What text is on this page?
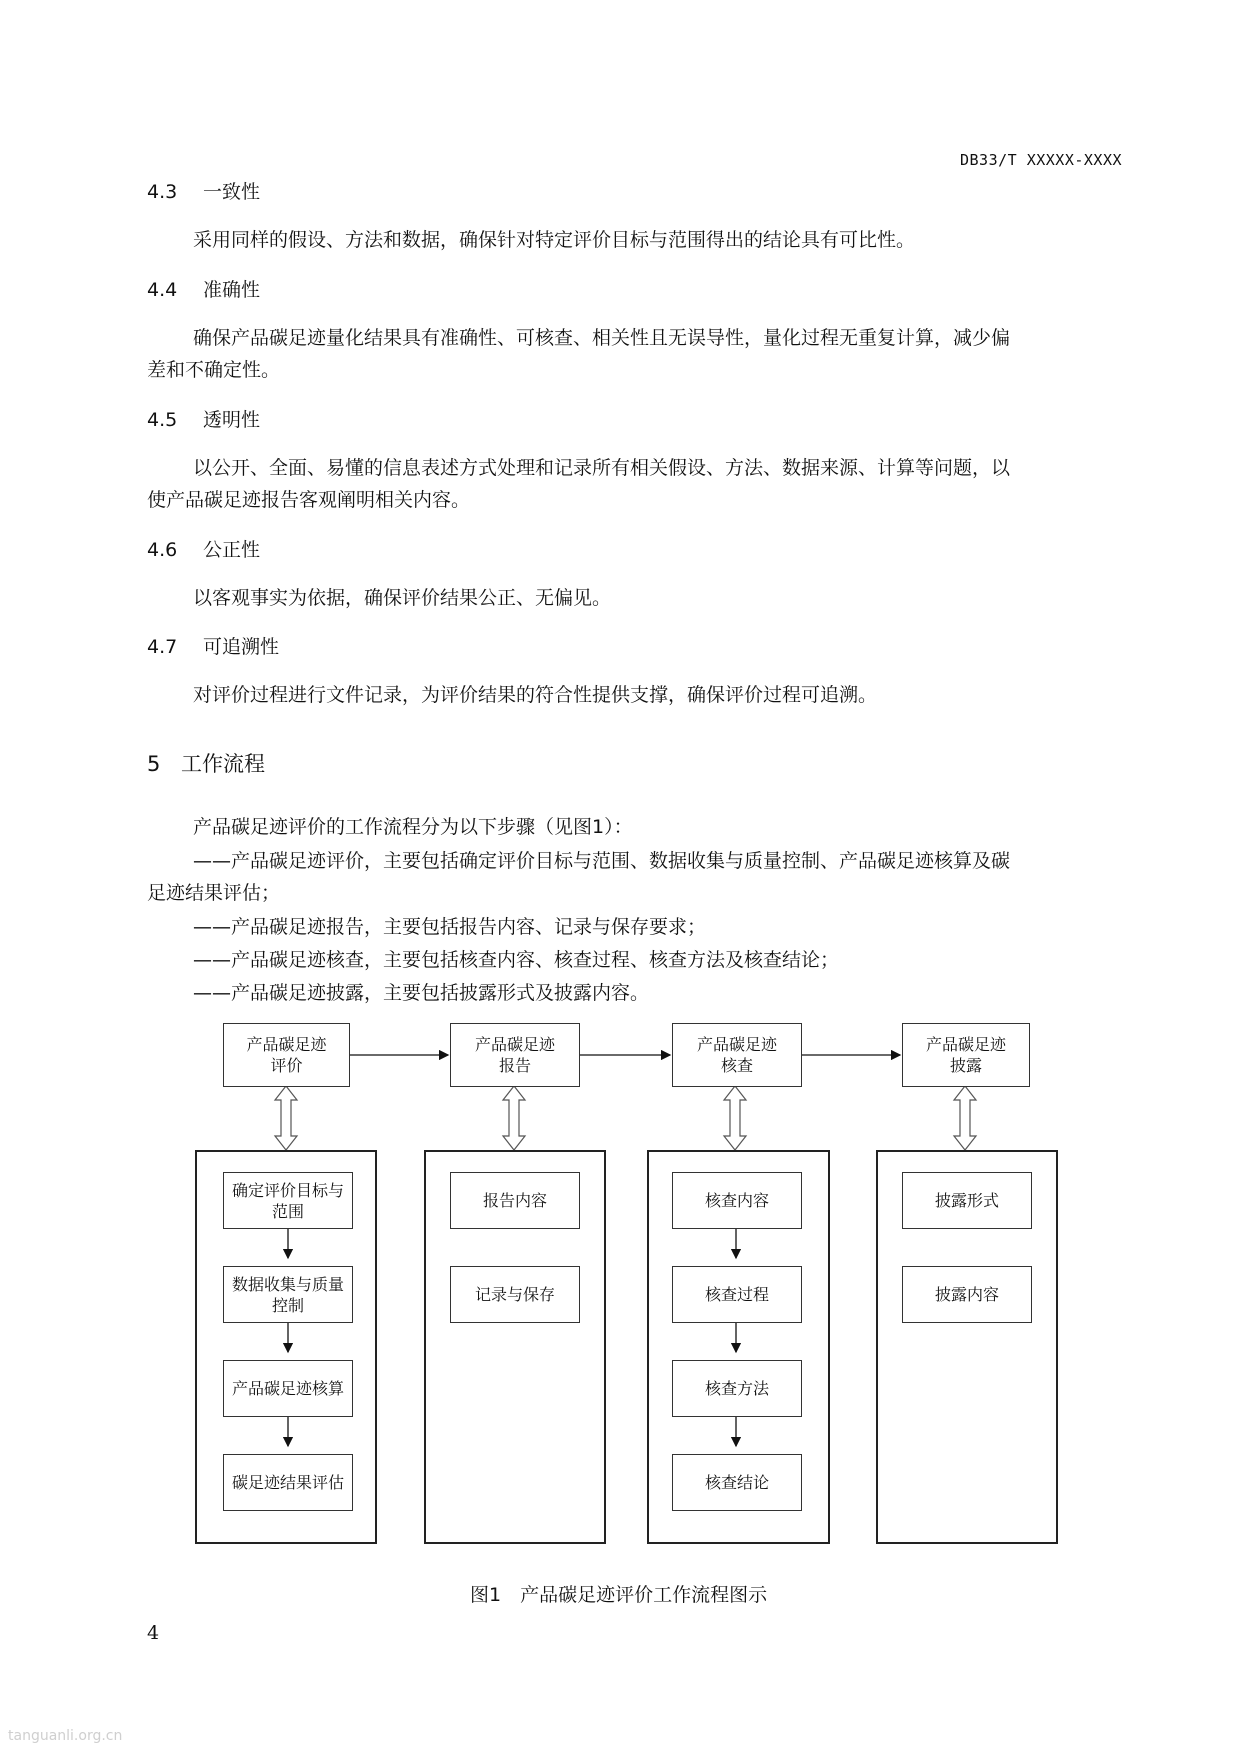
DB33/T XXXXX-XXXX
4.3 一致性
采用同样的假设、方法和数据，确保针对特定评价目标与范围得出的结论具有可比性。
4.4 准确性
确保产品碳足迹量化结果具有准确性、可核查、相关性且无误导性，量化过程无重复计算，减少偏
差和不确定性。
4.5 透明性
以公开、全面、易懂的信息表述方式处理和记录所有相关假设、方法、数据来源、计算等问题，以
使产品碳足迹报告客观阐明相关内容。
4.6 公正性
以客观事实为依据，确保评价结果公正、无偏见。
4.7 可追溯性
对评价过程进行文件记录，为评价结果的符合性提供支撑，确保评价过程可追溯。
5 工作流程
产品碳足迹评价的工作流程分为以下步骤（见图1）：
——产品碳足迹评价，主要包括确定评价目标与范围、数据收集与质量控制、产品碳足迹核算及碳
足迹结果评估；
——产品碳足迹报告，主要包括报告内容、记录与保存要求；
——产品碳足迹核查，主要包括核查内容、核查过程、核查方法及核查结论；
——产品碳足迹披露，主要包括披露形式及披露内容。
产品碳足迹
评价
产品碳足迹
报告
产品碳足迹
核查
产品碳足迹
披露
确定评价目标与
范围
数据收集与质量
控制
产品碳足迹核算
碳足迹结果评估
报告内容
记录与保存
核查内容
核查过程
核查方法
核查结论
披露形式
披露内容
图1　产品碳足迹评价工作流程图示
4
tanguanli.org.cn
